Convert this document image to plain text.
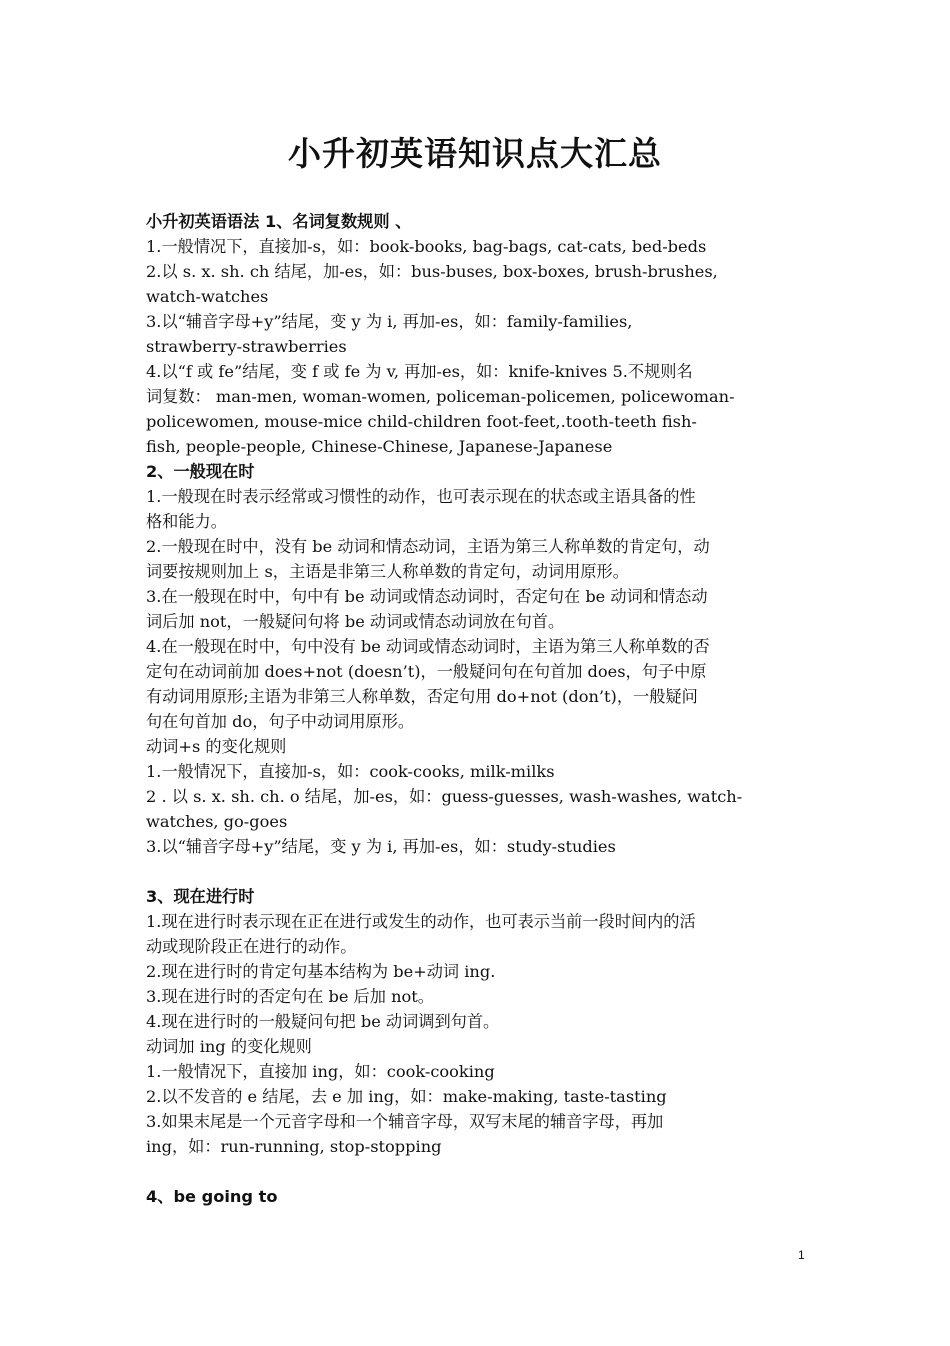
小升初英语知识点大汇总
小升初英语语法 1、名词复数规则 、
1.一般情况下，直接加-s，如：book-books, bag-bags, cat-cats, bed-beds
2.以 s. x. sh. ch 结尾，加-es，如：bus-buses, box-boxes, brush-brushes,
watch-watches
3.以“辅音字母+y”结尾，变 y 为 i, 再加-es，如：family-families,
strawberry-strawberries
4.以“f 或 fe”结尾，变 f 或 fe 为 v, 再加-es，如：knife-knives 5.不规则名
词复数： man-men, woman-women, policeman-policemen, policewoman-
policewomen, mouse-mice child-children foot-feet,.tooth-teeth fish-
fish, people-people, Chinese-Chinese, Japanese-Japanese
2、一般现在时
1.一般现在时表示经常或习惯性的动作，也可表示现在的状态或主语具备的性
格和能力。
2.一般现在时中，没有 be 动词和情态动词，主语为第三人称单数的肯定句，动
词要按规则加上 s，主语是非第三人称单数的肯定句，动词用原形。
3.在一般现在时中，句中有 be 动词或情态动词时，否定句在 be 动词和情态动
词后加 not，一般疑问句将 be 动词或情态动词放在句首。
4.在一般现在时中，句中没有 be 动词或情态动词时，主语为第三人称单数的否
定句在动词前加 does+not (doesn’t)，一般疑问句在句首加 does，句子中原
有动词用原形;主语为非第三人称单数，否定句用 do+not (don’t)，一般疑问
句在句首加 do，句子中动词用原形。
动词+s 的变化规则
1.一般情况下，直接加-s，如：cook-cooks, milk-milks
2 . 以 s. x. sh. ch. o 结尾，加-es，如：guess-guesses, wash-washes, watch-
watches, go-goes
3.以“辅音字母+y”结尾，变 y 为 i, 再加-es，如：study-studies
3、现在进行时
1.现在进行时表示现在正在进行或发生的动作，也可表示当前一段时间内的活
动或现阶段正在进行的动作。
2.现在进行时的肯定句基本结构为 be+动词 ing.
3.现在进行时的否定句在 be 后加 not。
4.现在进行时的一般疑问句把 be 动词调到句首。
动词加 ing 的变化规则
1.一般情况下，直接加 ing，如：cook-cooking
2.以不发音的 e 结尾，去 e 加 ing，如：make-making, taste-tasting
3.如果末尾是一个元音字母和一个辅音字母，双写末尾的辅音字母，再加
ing，如：run-running, stop-stopping
4、be going to
1
